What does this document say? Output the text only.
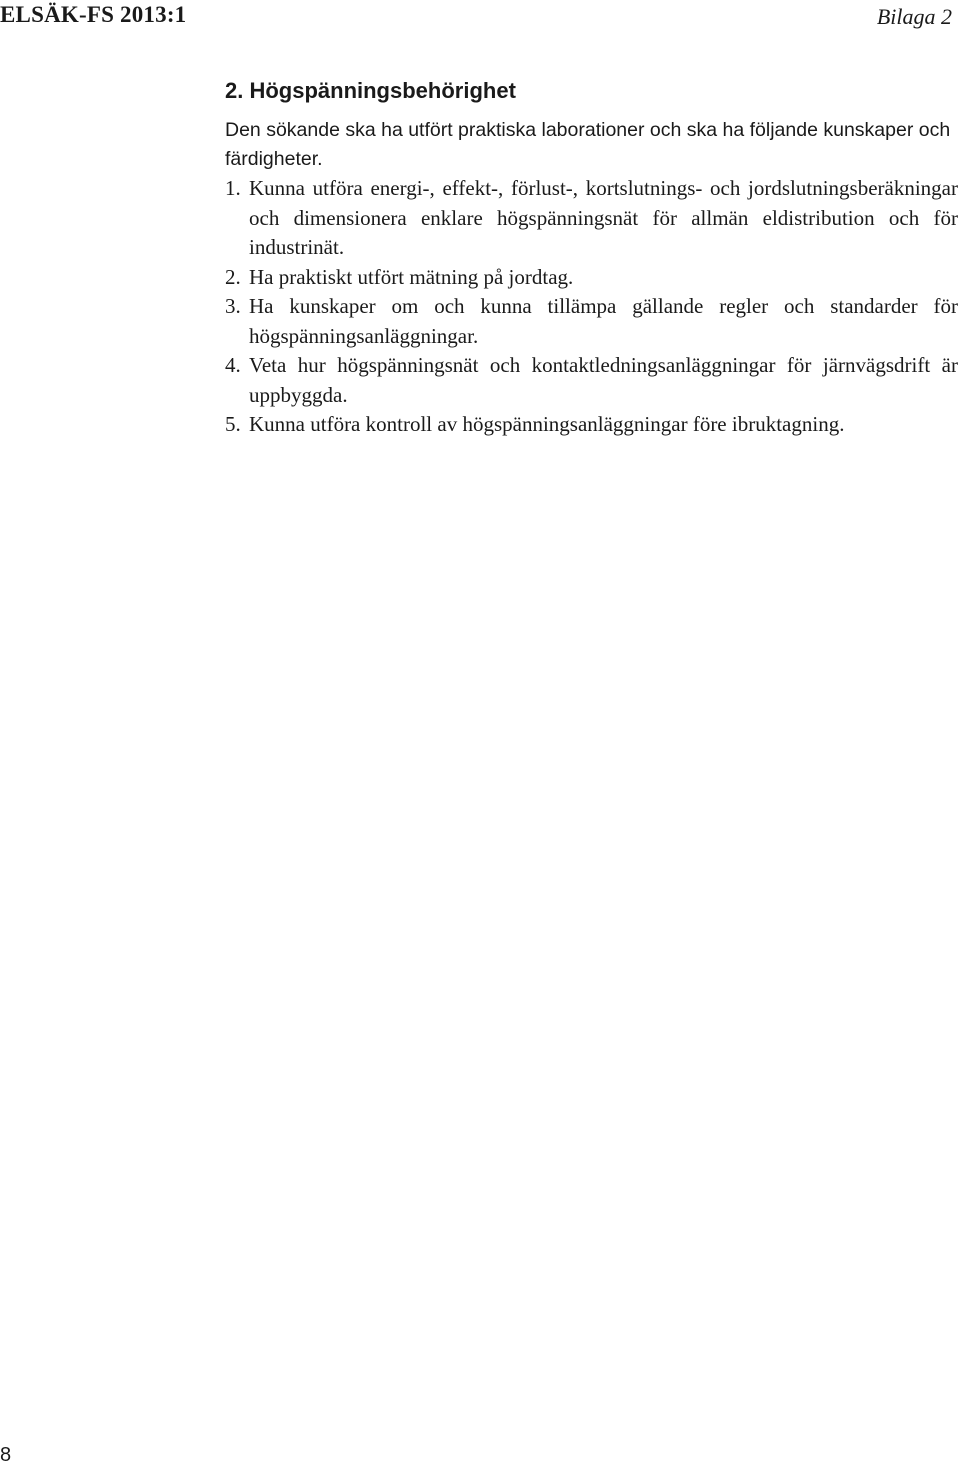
ELSÄK-FS 2013:1	Bilaga 2
2. Högspänningsbehörighet

Den sökande ska ha utfört praktiska laborationer och ska ha följande kunskaper och färdigheter.

1. Kunna utföra energi-, effekt-, förlust-, kortslutnings- och jordslutningsberäkningar och dimensionera enklare högspänningsnät för allmän eldistribution och för industrinät.
2. Ha praktiskt utfört mätning på jordtag.
3. Ha kunskaper om och kunna tillämpa gällande regler och standarder för högspänningsanläggningar.
4. Veta hur högspänningsnät och kontaktledningsanläggningar för järnvägsdrift är uppbyggda.
5. Kunna utföra kontroll av högspänningsanläggningar före ibruktagning.
8
